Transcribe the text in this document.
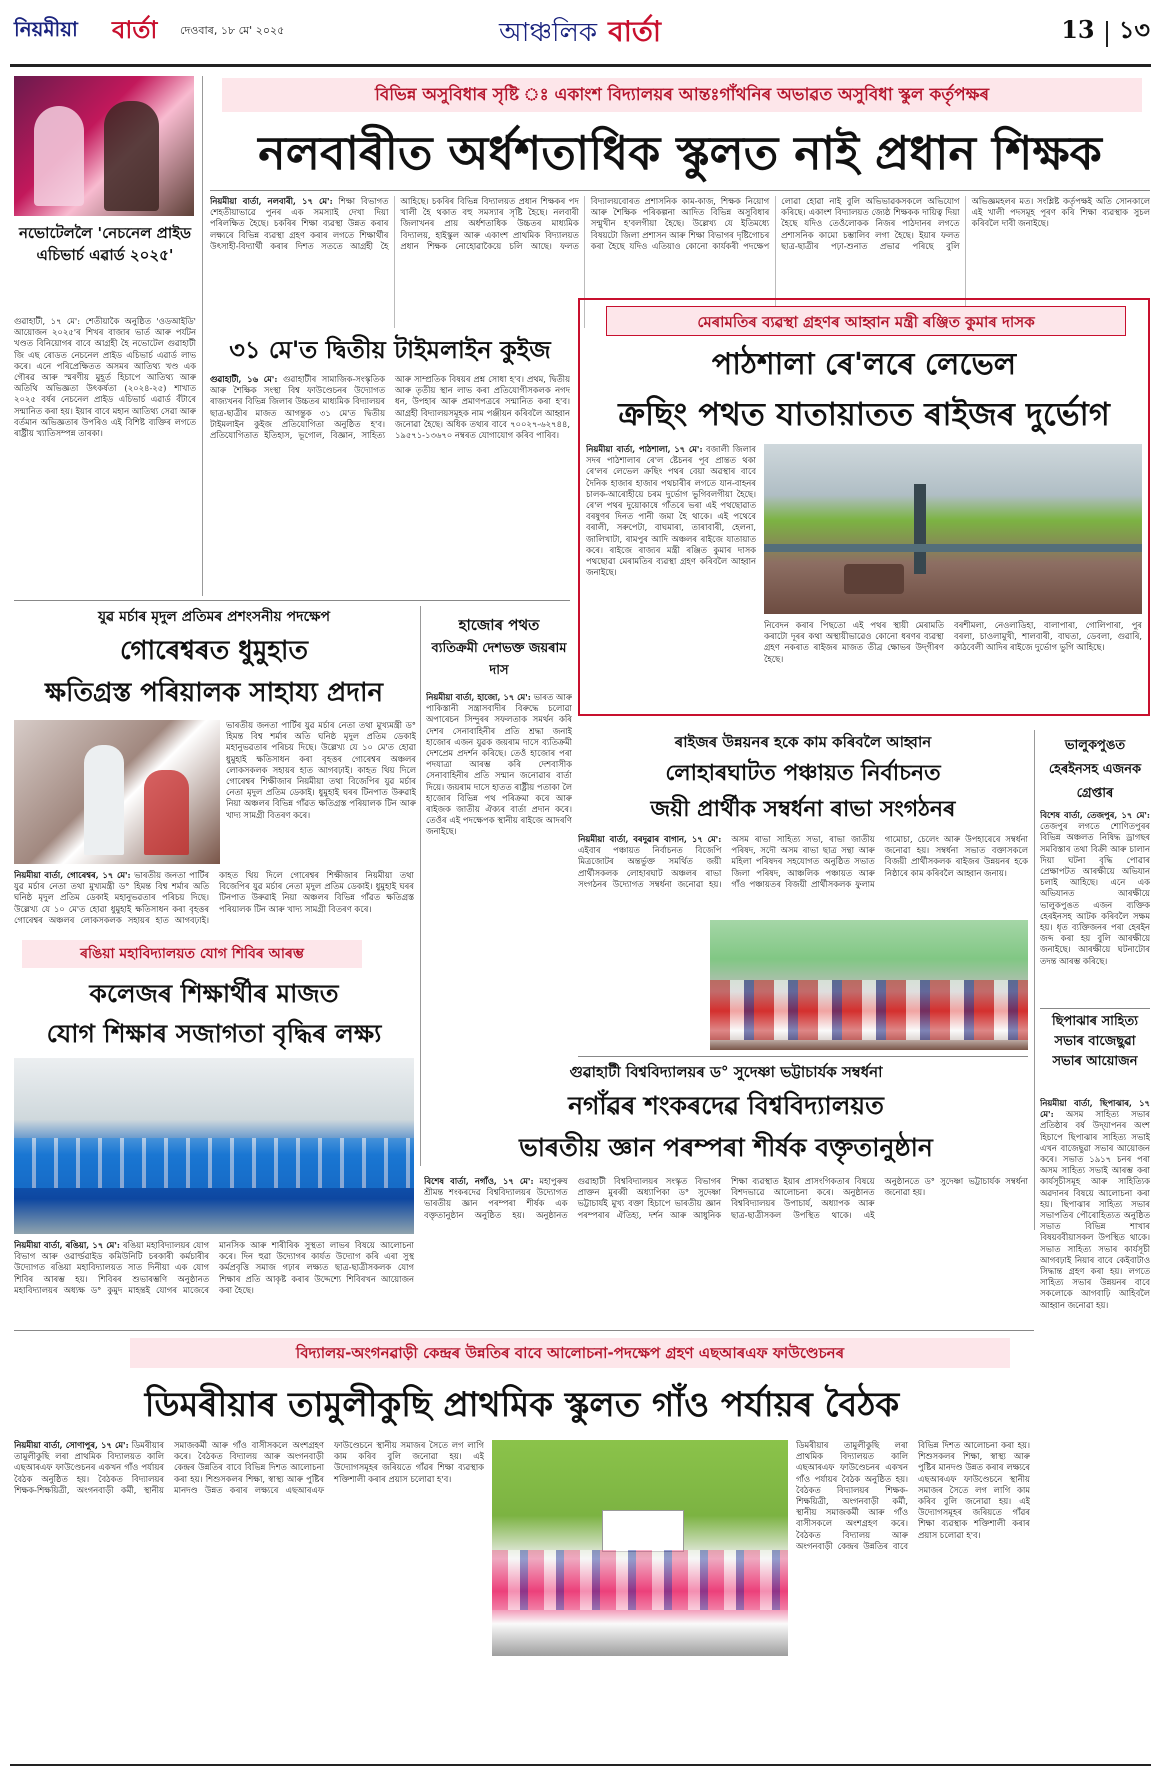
নিয়মীয়া বাৰ্তা দেওবাৰ, ১৮ মে' ২০২৫	আঞ্চলিক বাৰ্তা	13 ১৩
নভোটেললৈ 'নেচনেল প্ৰাইড এচিভাৰ্চ এৱাৰ্ড ২০২৫'
গুৱাহাটী, ১৭ মে': শেতীয়াকৈ অনুষ্ঠিত 'ওডআইডি' আয়োজন ২০২৫'ৰ শিখৰ বাজাৰ ভাৰ্ত আৰু পৰ্যটন খণ্ডত বিনিয়োগৰ বাবে আগ্ৰহী হৈ নভোটেল গুৱাহাটী জি এছ ৰোডত নেচনেল প্ৰাইড এচিভাৰ্চ এৱাৰ্ড লাভ কৰে। এনে পৰিপ্ৰেক্ষিতত অসমৰ আতিথ্য খণ্ড এক গৌৰৱ আৰু স্মৰণীয় মুহূৰ্ত হিচাপে আতিথ্য আৰু অতিথি অভিজ্ঞতা উৎকৰ্ষতা (২০২৪-২৫) শাখাত ২০২৫ বৰ্ষৰ নেচনেল প্ৰাইড এচিভাৰ্চ এৱাৰ্ড বঁটাৰে সন্মানিত কৰা হয়। ইয়াৰ বাবে মহান আতিথ্য সেৱা আৰু বৰ্তমান অভিজ্ঞতাৰ উপৰিও এই বিশিষ্ট ব্যক্তিৰ লগতে ৰাষ্ট্ৰীয় খ্যাতিসম্পন্ন তাৰকা।
বিভিন্ন অসুবিধাৰ সৃষ্টি ঃ একাংশ বিদ্যালয়ৰ আন্তঃগাঁথনিৰ অভাৱত অসুবিধা স্কুল কৰ্তৃপক্ষৰ
নলবাৰীত অৰ্ধশতাধিক স্কুলত নাই প্ৰধান শিক্ষক
নিয়মীয়া বাৰ্তা, নলবাৰী, ১৭ মে': শিক্ষা বিভাগত শেহতীয়াভাৱে পুনৰ এক সমস্যাই দেখা দিয়া পৰিলক্ষিত হৈছে। চকৰিৰ শিক্ষা ব্যৱস্থা উন্নত কৰাৰ লক্ষ্যৰে বিভিন্ন ব্যৱস্থা গ্ৰহণ কৰাৰ লগতে শিক্ষাৰ্থীৰ উৎসাহী-বিদ্যাৰ্থী কৰাৰ দিশত সততে আগ্ৰহী হৈ আহিছে। চকৰিৰ বিভিন্ন বিদ্যালয়ত প্ৰধান শিক্ষকৰ পদ খালী হৈ থকাত বহু সমস্যাৰ সৃষ্টি হৈছে। নলবাৰী জিলাখনৰ প্ৰায় অৰ্ধশতাধিক উচ্চতৰ মাধ্যমিক বিদ্যালয়, হাইস্কুল আৰু একাংশ প্ৰাথমিক বিদ্যালয়ত প্ৰধান শিক্ষক নোহোৱাকৈয়ে চলি আছে। ফলত বিদ্যালয়বোৰত প্ৰশাসনিক কাম-কাজ, শিক্ষক নিয়োগ আৰু শৈক্ষিক পৰিকল্পনা আদিত বিভিন্ন অসুবিধাৰ সন্মুখীন হ'বলগীয়া হৈছে। উল্লেখ্য যে ইতিমধ্যে বিষয়টো জিলা প্ৰশাসন আৰু শিক্ষা বিভাগৰ দৃষ্টিগোচৰ কৰা হৈছে যদিও এতিয়াও কোনো কাৰ্যকৰী পদক্ষেপ লোৱা হোৱা নাই বুলি অভিভাৱকসকলে অভিযোগ কৰিছে। একাংশ বিদ্যালয়ত জ্যেষ্ঠ শিক্ষকক দায়িত্ব দিয়া হৈছে যদিও তেওঁলোকক নিজৰ পাঠদানৰ লগতে প্ৰশাসনিক কামো চম্ভালিব লগা হৈছে। ইয়াৰ ফলত ছাত্ৰ-ছাত্ৰীৰ পঢ়া-শুনাত প্ৰভাৱ পৰিছে বুলি অভিজ্ঞমহলৰ মত। সংশ্লিষ্ট কৰ্তৃপক্ষই অতি সোনকালে এই খালী পদসমূহ পূৰণ কৰি শিক্ষা ব্যৱস্থাক সুচল কৰিবলৈ দাবী জনাইছে।
৩১ মে'ত দ্বিতীয় টাইমলাইন কুইজ
গুৱাহাটী, ১৬ মে': গুৱাহাটীৰ সামাজিক-সংস্কৃতিক আৰু শৈক্ষিক সংস্থা বিশ্ব ফাউণ্ডেচনৰ উদ্যোগত ৰাজ্যখনৰ বিভিন্ন জিলাৰ উচ্চতৰ মাধ্যমিক বিদ্যালয়ৰ ছাত্ৰ-ছাত্ৰীৰ মাজত আগন্তুক ৩১ মে'ত দ্বিতীয় টাইমলাইন কুইজ প্ৰতিযোগিতা অনুষ্ঠিত হ'ব। প্ৰতিযোগিতাত ইতিহাস, ভূগোল, বিজ্ঞান, সাহিত্য আৰু সাম্প্ৰতিক বিষয়ৰ প্ৰশ্ন সোধা হ'ব। প্ৰথম, দ্বিতীয় আৰু তৃতীয় স্থান লাভ কৰা প্ৰতিযোগীসকলক নগদ ধন, উপহাৰ আৰু প্ৰমাণপত্ৰৰে সন্মানিত কৰা হ'ব। আগ্ৰহী বিদ্যালয়সমূহক নাম পঞ্জীয়ন কৰিবলৈ আহ্বান জনোৱা হৈছে। অধিক তথ্যৰ বাবে ৭০০২৭-৬২৭৪৪, ১৯৫৭১-১৩৬৭০ নম্বৰত যোগাযোগ কৰিব পাৰিব।
মেৰামতিৰ ব্যৱস্থা গ্ৰহণৰ আহ্বান মন্ত্ৰী ৰঞ্জিত কুমাৰ দাসক
পাঠশালা ৰে'লৰে লেভেল
ক্ৰছিং পথত যাতায়াতত ৰাইজৰ দুৰ্ভোগ
নিয়মীয়া বাৰ্তা, পাঠশালা, ১৭ মে': বজালী জিলাৰ সদৰ পাঠশালাৰ ৰে'ল ষ্টেচনৰ পূব প্ৰান্তত থকা ৰে'লৰ লেভেল ক্ৰছিং পথৰ বেয়া অৱস্থাৰ বাবে দৈনিক হাজাৰ হাজাৰ পথচাৰীৰ লগতে যান-বাহনৰ চালক-আৰোহীয়ে চৰম দুৰ্ভোগ ভুগিবলগীয়া হৈছে। ৰে'ল পথৰ দুয়োকাষে গাঁতৰে ভৰা এই পথছোৱাত বৰষুণৰ দিনত পানী জমা হৈ থাকে। এই পথেৰে বৰালী, সৰুপেটা, বাঘমাৰা, তাৰাবাৰী, হেলনা, জালিখাটা, ৰামপুৰ আদি অঞ্চলৰ ৰাইজে যাতায়াত কৰে। ৰাইজে ৰাজ্যৰ মন্ত্ৰী ৰঞ্জিত কুমাৰ দাসক পথছোৱা মেৰামতিৰ ব্যৱস্থা গ্ৰহণ কৰিবলৈ আহ্বান জনাইছে।
নিবেদন কৰাৰ পিছতো এই পথৰ স্থায়ী মেৰামতি কৰাটো দূৰৰ কথা অস্থায়ীভাৱেও কোনো ধৰণৰ ব্যৱস্থা গ্ৰহণ নকৰাত ৰাইজৰ মাজত তীব্ৰ ক্ষোভৰ উদ্‌গীৰণ হৈছে।
বৰশীমলা, নেওলাডিহা, বালাপাৰা, গোলিপাৰা, পুৰ বৰলা, চাওলামুখী, শালবাৰী, বাঘতা, ডেবলা, গুৱাৰি, কাঠবেলী আদিৰ ৰাইজে দুৰ্ভোগ ভুগি আহিছে।
যুৱ মৰ্চাৰ মৃদুল প্ৰতিমৰ প্ৰশংসনীয় পদক্ষেপ
গোৰেশ্বৰত ধুমুহাত
ক্ষতিগ্ৰস্ত পৰিয়ালক সাহায্য প্ৰদান
নিয়মীয়া বাৰ্তা, গোৰেশ্বৰ, ১৭ মে': ভাৰতীয় জনতা পাৰ্টিৰ যুৱ মৰ্চাৰ নেতা তথা মুখ্যমন্ত্ৰী ড° হিমন্ত বিশ্ব শৰ্মাৰ অতি ঘনিষ্ঠ মৃদুল প্ৰতিম ডেকাই মহানুভৱতাৰ পৰিচয় দিছে। উল্লেখ্য যে ১০ মে'ত হোৱা ধুমুহাই ক্ষতিসাধন কৰা বৃহত্তৰ গোৰেশ্বৰ অঞ্চলৰ লোকসকলক সহায়ৰ হাত আগবঢ়াই। কাহত থিয় দিলে গোৰেশ্বৰ শিক্ষীজাৰ নিয়মীয়া তথা বিজেপিৰ যুৱ মৰ্চাৰ নেতা মৃদুল প্ৰতিম ডেকাই। ধুমুহাই ঘৰৰ টিনপাত উৰুৱাই নিয়া অঞ্চলৰ বিভিন্ন গাঁৱত ক্ষতিগ্ৰস্ত পৰিয়ালক টিন আৰু খাদ্য সামগ্ৰী বিতৰণ কৰে।
ভাৰতীয় জনতা পাৰ্টিৰ যুৱ মৰ্চাৰ নেতা তথা মুখ্যমন্ত্ৰী ড° হিমন্ত বিশ্ব শৰ্মাৰ অতি ঘনিষ্ঠ মৃদুল প্ৰতিম ডেকাই মহানুভৱতাৰ পৰিচয় দিছে। উল্লেখ্য যে ১০ মে'ত হোৱা ধুমুহাই ক্ষতিসাধন কৰা বৃহত্তৰ গোৰেশ্বৰ অঞ্চলৰ লোকসকলক সহায়ৰ হাত আগবঢ়াই। কাহত থিয় দিলে গোৰেশ্বৰ শিক্ষীজাৰ নিয়মীয়া তথা বিজেপিৰ যুৱ মৰ্চাৰ নেতা মৃদুল প্ৰতিম ডেকাই। ধুমুহাই ঘৰৰ টিনপাত উৰুৱাই নিয়া অঞ্চলৰ বিভিন্ন গাঁৱত ক্ষতিগ্ৰস্ত পৰিয়ালক টিন আৰু খাদ্য সামগ্ৰী বিতৰণ কৰে।
হাজোৰ পথত
ব্যতিক্ৰমী দেশভক্ত জয়ৰাম দাস
নিয়মীয়া বাৰ্তা, হাজো, ১৭ মে': ভাৰত আৰু পাকিস্তানী সন্ত্ৰাসবাদীৰ বিৰুদ্ধে চলোৱা অপাৰেচন সিন্দুৰৰ সফলতাক সমৰ্থন কৰি দেশৰ সেনাবাহিনীৰ প্ৰতি শ্ৰদ্ধা জনাই হাজোৰ এজন যুৱক জয়ৰাম দাসে ব্যতিক্ৰমী দেশপ্ৰেম প্ৰদৰ্শন কৰিছে। তেওঁ হাজোৰ পৰা পদযাত্ৰা আৰম্ভ কৰি দেশবাসীক সেনাবাহিনীৰ প্ৰতি সন্মান জনোৱাৰ বাৰ্তা দিয়ে। জয়ৰাম দাসে হাতত ৰাষ্ট্ৰীয় পতাকা লৈ হাজোৰ বিভিন্ন পথ পৰিক্ৰমা কৰে আৰু ৰাইজক জাতীয় ঐক্যৰ বাৰ্তা প্ৰদান কৰে। তেওঁৰ এই পদক্ষেপক স্থানীয় ৰাইজে আদৰণি জনাইছে।
ৰঙিয়া মহাবিদ্যালয়ত যোগ শিবিৰ আৰম্ভ
কলেজৰ শিক্ষাৰ্থীৰ মাজত
যোগ শিক্ষাৰ সজাগতা বৃদ্ধিৰ লক্ষ্য
নিয়মীয়া বাৰ্তা, ৰঙিয়া, ১৭ মে': ৰঙিয়া মহাবিদ্যালয়ৰ যোগ বিভাগ আৰু ওৱাৰ্ল্ডৱাইড কমিউনিটি চৰকাৰী কৰ্মচাৰীৰ উদ্যোগত ৰঙিয়া মহাবিদ্যালয়ত সাত দিনীয়া এক যোগ শিবিৰ আৰম্ভ হয়। শিবিৰৰ শুভাৰম্ভণি অনুষ্ঠানত মহাবিদ্যালয়ৰ অধ্যক্ষ ড° কুমুদ মাহন্তই যোগৰ মাজেৰে মানসিক আৰু শাৰীৰিক সুস্থতা লাভৰ বিষয়ে আলোচনা কৰে। দিন হুৱা উদ্যোগৰ কাৰ্যত উদ্যোগ কৰি এৰা সুস্থ কৰ্মপ্ৰবৃত্তি সমাজ গঢ়াৰ লক্ষ্যত ছাত্ৰ-ছাত্ৰীসকলক যোগ শিক্ষাৰ প্ৰতি আকৃষ্ট কৰাৰ উদ্দেশ্যে শিবিৰখন আয়োজন কৰা হৈছে।
ৰাইজৰ উন্নয়নৰ হকে কাম কৰিবলৈ আহ্বান
লোহাৰঘাটত পঞ্চায়ত নিৰ্বাচনত
জয়ী প্ৰাৰ্থীক সম্বৰ্ধনা ৰাভা সংগঠনৰ
নিয়মীয়া বাৰ্তা, বৰদুৱাৰ বাগান, ১৭ মে': এইবাৰ পঞ্চায়ত নিৰ্বাচনত বিজেপি মিত্ৰজোটৰ অন্তৰ্ভুক্ত সমৰ্থিত জয়ী প্ৰাৰ্থীসকলক লোহাৰঘাট অঞ্চলৰ ৰাভা সংগঠনৰ উদ্যোগত সম্বৰ্ধনা জনোৱা হয়। অসম ৰাভা সাহিত্য সভা, ৰাভা জাতীয় পৰিষদ, সদৌ অসম ৰাভা ছাত্ৰ সন্থা আৰু মহিলা পৰিষদৰ সহযোগত অনুষ্ঠিত সভাত জিলা পৰিষদ, আঞ্চলিক পঞ্চায়ত আৰু গাঁও পঞ্চায়তৰ বিজয়ী প্ৰাৰ্থীসকলক ফুলাম গামোচা, চেলেং আৰু উপহাৰেৰে সম্বৰ্ধনা জনোৱা হয়। সম্বৰ্ধনা সভাত বক্তাসকলে বিজয়ী প্ৰাৰ্থীসকলক ৰাইজৰ উন্নয়নৰ হকে নিষ্ঠাৰে কাম কৰিবলৈ আহ্বান জনায়।
ভালুকপুঙত হেৰইনসহ এজনক গ্ৰেপ্তাৰ
বিশেষ বাৰ্তা, তেজপুৰ, ১৭ মে': তেজপুৰ লগতে শোণিতপুৰৰ বিভিন্ন অঞ্চলত নিষিদ্ধ ড্ৰাগছৰ সমবিস্তাৰ তথা বিক্ৰী আৰু চালান দিয়া ঘটনা বৃদ্ধি পোৱাৰ প্ৰেক্ষাপটত আৰক্ষীয়ে অভিযান চলাই আহিছে। এনে এক অভিযানত আৰক্ষীয়ে ভালুকপুঙত এজন ব্যক্তিক হেৰইনসহ আটক কৰিবলৈ সক্ষম হয়। ধৃত ব্যক্তিজনৰ পৰা হেৰইন জব্দ কৰা হয় বুলি আৰক্ষীয়ে জনাইছে। আৰক্ষীয়ে ঘটনাটোৰ তদন্ত আৰম্ভ কৰিছে।
ছিপাঝাৰ সাহিত্য সভাৰ বাজেছুৱা সভাৰ আয়োজন
নিয়মীয়া বাৰ্তা, ছিপাঝাৰ, ১৭ মে': অসম সাহিত্য সভাৰ প্ৰতিষ্ঠাৰ বৰ্ষ উদ্‌যাপনৰ অংশ হিচাপে ছিপাঝাৰ সাহিত্য সভাই এখন বাজেছুৱা সভাৰ আয়োজন কৰে। সভাত ১৯১৭ চনৰ পৰা অসম সাহিত্য সভাই আৰম্ভ কৰা কাৰ্যসূচীসমূহ আৰু সাহিত্যিক অৱদানৰ বিষয়ে আলোচনা কৰা হয়। ছিপাঝাৰ সাহিত্য সভাৰ সভাপতিৰ পৌৰোহিত্যত অনুষ্ঠিত সভাত বিভিন্ন শাখাৰ বিষয়ববীয়াসকল উপস্থিত থাকে। সভাত সাহিত্য সভাৰ কাৰ্যসূচী আগবঢ়াই নিয়াৰ বাবে কেইবাটাও সিদ্ধান্ত গ্ৰহণ কৰা হয়। লগতে সাহিত্য সভাৰ উন্নয়নৰ বাবে সকলোকে আগবাঢ়ি আহিবলৈ আহ্বান জনোৱা হয়।
গুৱাহাটী বিশ্ববিদ্যালয়ৰ ড° সুদেষ্ণা ভট্টাচাৰ্যক সম্বৰ্ধনা
নগাঁৱৰ শংকৰদেৱ বিশ্ববিদ্যালয়ত
ভাৰতীয় জ্ঞান পৰম্পৰা শীৰ্ষক বক্তৃতানুষ্ঠান
বিশেষ বাৰ্তা, নগাঁও, ১৭ মে': মহাপুৰুষ শ্ৰীমন্ত শংকৰদেৱ বিশ্ববিদ্যালয়ৰ উদ্যোগত ভাৰতীয় জ্ঞান পৰম্পৰা শীৰ্ষক এক বক্তৃতানুষ্ঠান অনুষ্ঠিত হয়। অনুষ্ঠানত গুৱাহাটী বিশ্ববিদ্যালয়ৰ সংস্কৃত বিভাগৰ প্ৰাক্তন মুৰব্বী অধ্যাপিকা ড° সুদেষ্ণা ভট্টাচাৰ্যই মুখ্য বক্তা হিচাপে ভাৰতীয় জ্ঞান পৰম্পৰাৰ ঐতিহ্য, দৰ্শন আৰু আধুনিক শিক্ষা ব্যৱস্থাত ইয়াৰ প্ৰাসংগিকতাৰ বিষয়ে বিশদভাৱে আলোচনা কৰে। অনুষ্ঠানত বিশ্ববিদ্যালয়ৰ উপাচাৰ্য, অধ্যাপক আৰু ছাত্ৰ-ছাত্ৰীসকল উপস্থিত থাকে। এই অনুষ্ঠানতে ড° সুদেষ্ণা ভট্টাচাৰ্যক সম্বৰ্ধনা জনোৱা হয়।
বিদ্যালয়-অংগনৱাড়ী কেন্দ্ৰৰ উন্নতিৰ বাবে আলোচনা-পদক্ষেপ গ্ৰহণ এছআৰএফ ফাউণ্ডেচনৰ
ডিমৰীয়াৰ তামুলীকুছি প্ৰাথমিক স্কুলত গাঁও পৰ্যায়ৰ বৈঠক
নিয়মীয়া বাৰ্তা, সোণাপুৰ, ১৭ মে': ডিমৰীয়াৰ তামুলীকুছি লৰা প্ৰাথমিক বিদ্যালয়ত কালি এছআৰএফ ফাউণ্ডেচনৰ একখন গাঁও পৰ্যায়ৰ বৈঠক অনুষ্ঠিত হয়। বৈঠকত বিদ্যালয়ৰ শিক্ষক-শিক্ষয়িত্ৰী, অংগনবাড়ী কৰ্মী, স্থানীয় সমাজকৰ্মী আৰু গাঁও বাসীসকলে অংশগ্ৰহণ কৰে। বৈঠকত বিদ্যালয় আৰু অংগনবাড়ী কেন্দ্ৰৰ উন্নতিৰ বাবে বিভিন্ন দিশত আলোচনা কৰা হয়। শিশুসকলৰ শিক্ষা, স্বাস্থ্য আৰু পুষ্টিৰ মানদণ্ড উন্নত কৰাৰ লক্ষ্যৰে এছআৰএফ ফাউণ্ডেচনে স্থানীয় সমাজৰ সৈতে লগ লাগি কাম কৰিব বুলি জনোৱা হয়। এই উদ্যোগসমূহৰ জৰিয়তে গাঁৱৰ শিক্ষা ব্যৱস্থাক শক্তিশালী কৰাৰ প্ৰয়াস চলোৱা হ'ব।
ডিমৰীয়াৰ তামুলীকুছি লৰা প্ৰাথমিক বিদ্যালয়ত কালি এছআৰএফ ফাউণ্ডেচনৰ একখন গাঁও পৰ্যায়ৰ বৈঠক অনুষ্ঠিত হয়। বৈঠকত বিদ্যালয়ৰ শিক্ষক-শিক্ষয়িত্ৰী, অংগনবাড়ী কৰ্মী, স্থানীয় সমাজকৰ্মী আৰু গাঁও বাসীসকলে অংশগ্ৰহণ কৰে। বৈঠকত বিদ্যালয় আৰু অংগনবাড়ী কেন্দ্ৰৰ উন্নতিৰ বাবে বিভিন্ন দিশত আলোচনা কৰা হয়। শিশুসকলৰ শিক্ষা, স্বাস্থ্য আৰু পুষ্টিৰ মানদণ্ড উন্নত কৰাৰ লক্ষ্যৰে এছআৰএফ ফাউণ্ডেচনে স্থানীয় সমাজৰ সৈতে লগ লাগি কাম কৰিব বুলি জনোৱা হয়। এই উদ্যোগসমূহৰ জৰিয়তে গাঁৱৰ শিক্ষা ব্যৱস্থাক শক্তিশালী কৰাৰ প্ৰয়াস চলোৱা হ'ব।
